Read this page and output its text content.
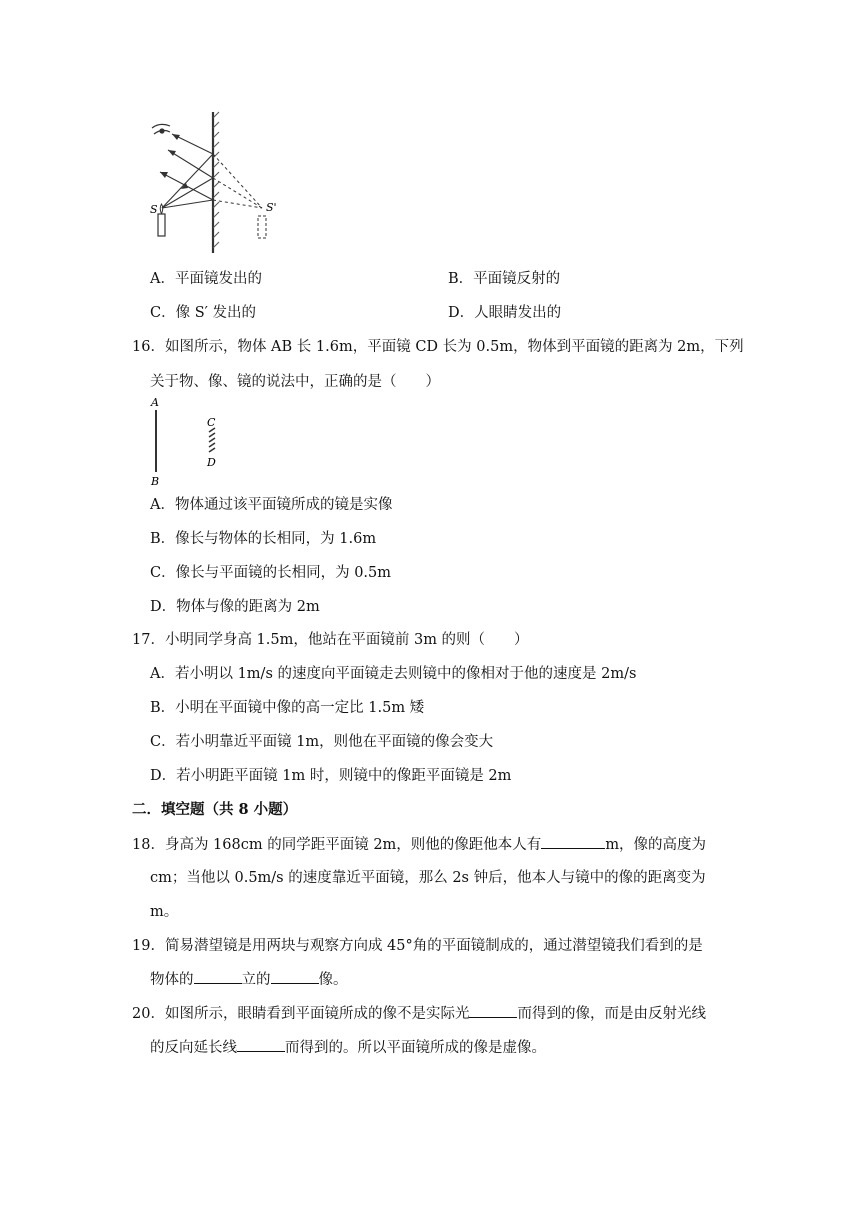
S	S'
A．平面镜发出的	B．平面镜反射的
C．像 S′ 发出的	D．人眼睛发出的
16．如图所示，物体 AB 长 1.6m，平面镜 CD 长为 0.5m，物体到平面镜的距离为 2m，下列
关于物、像、镜的说法中，正确的是（　　）
A
B
C
D
A．物体通过该平面镜所成的镜是实像
B．像长与物体的长相同，为 1.6m
C．像长与平面镜的长相同，为 0.5m
D．物体与像的距离为 2m
17．小明同学身高 1.5m，他站在平面镜前 3m 的则（　　）
A．若小明以 1m/s 的速度向平面镜走去则镜中的像相对于他的速度是 2m/s
B．小明在平面镜中像的高一定比 1.5m 矮
C．若小明靠近平面镜 1m，则他在平面镜的像会变大
D．若小明距平面镜 1m 时，则镜中的像距平面镜是 2m
二．填空题（共 8 小题）
18．身高为 168cm 的同学距平面镜 2m，则他的像距他本人有	m，像的高度为
cm；当他以 0.5m/s 的速度靠近平面镜，那么 2s 钟后，他本人与镜中的像的距离变为
m。
19．简易潜望镜是用两块与观察方向成 45°角的平面镜制成的，通过潜望镜我们看到的是
物体的	立的	像。
20．如图所示，眼睛看到平面镜所成的像不是实际光	而得到的像，而是由反射光线
的反向延长线	而得到的。所以平面镜所成的像是虚像。
